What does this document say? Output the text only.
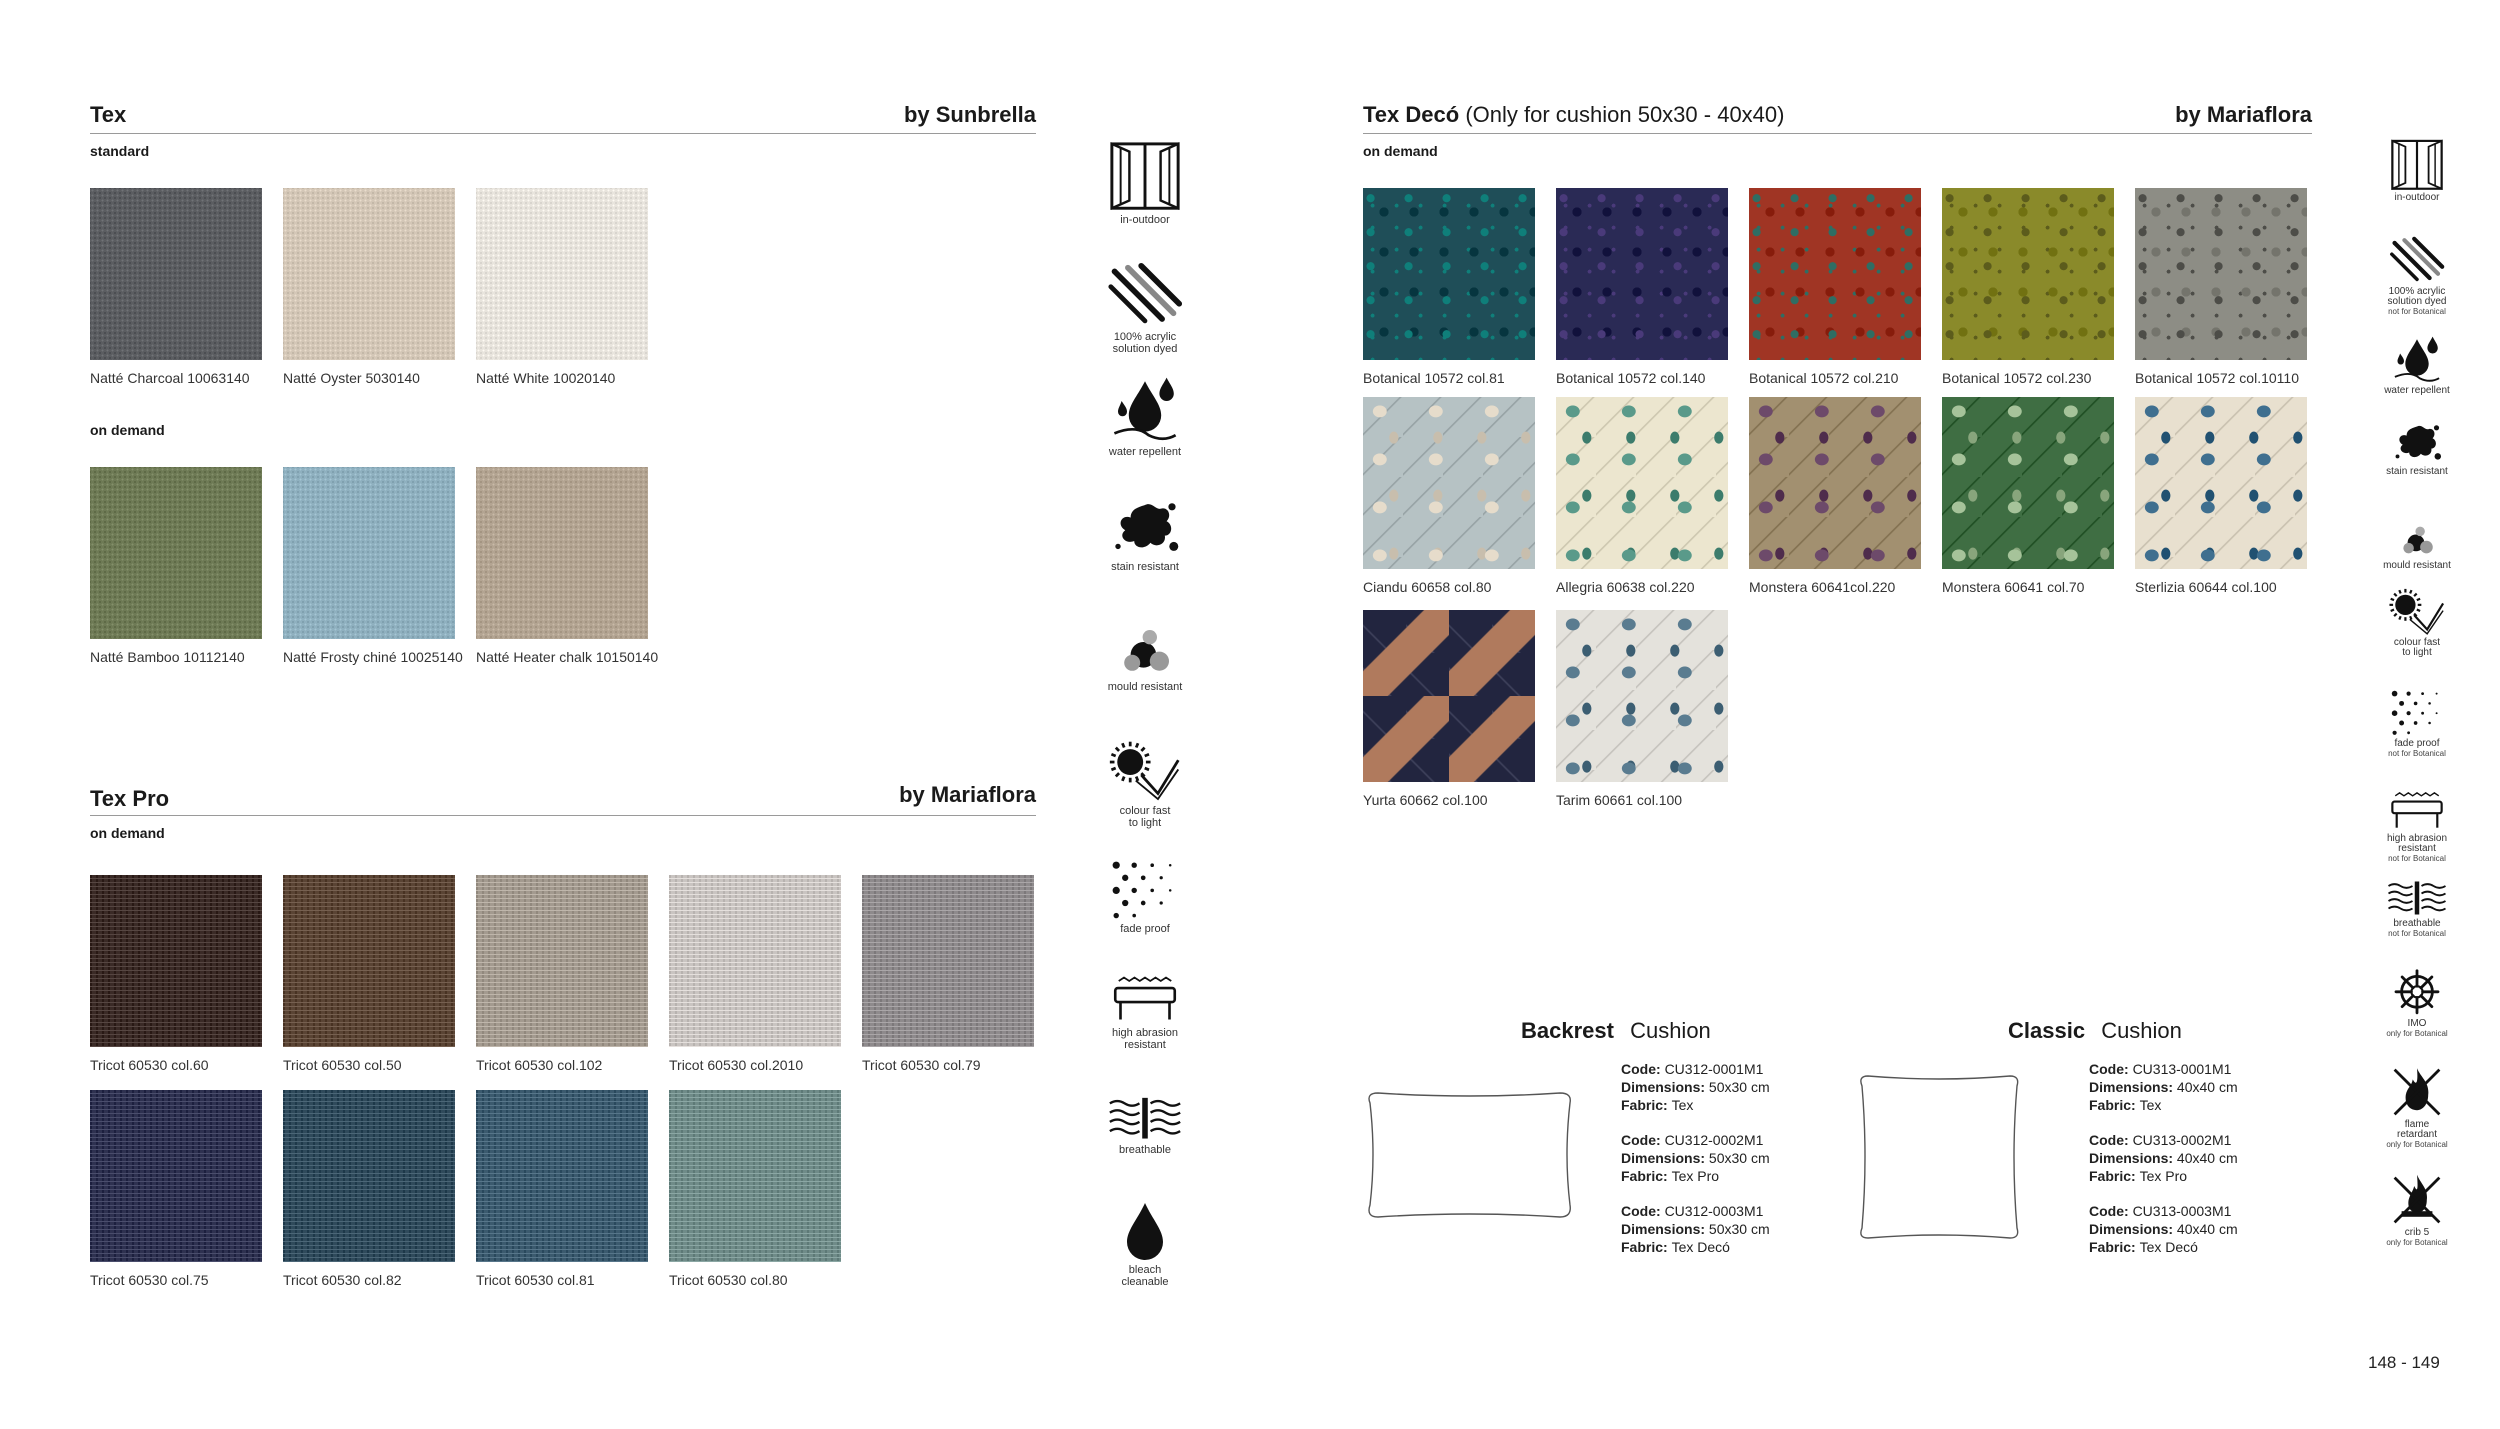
Tex	by Sunbrella
standard
Natté Charcoal 10063140 Natté Oyster 5030140	Natté White 10020140
on demand
Natté Bamboo 10112140	Natté Frosty chiné 10025140 Natté Heater chalk 10150140
Tex Pro	by Mariaflora
on demand
Tricot 60530 col.60	Tricot 60530 col.50	Tricot 60530 col.102	Tricot 60530 col.2010	Tricot 60530 col.79
Tricot 60530 col.75	Tricot 60530 col.82	Tricot 60530 col.81	Tricot 60530 col.80
in-outdoor
100% acrylic
solution dyed
water repellent
stain resistant
mould resistant
colour fast
to light
fade proof
high abrasion
resistant
breathable
bleach
cleanable
Tex Decó (Only for cushion 50x30 - 40x40)	by Mariaflora
on demand
Botanical 10572 col.81	Botanical 10572 col.140	Botanical 10572 col.210	Botanical 10572 col.230	Botanical 10572 col.10110
Ciandu 60658 col.80	Allegria 60638 col.220	Monstera 60641col.220	Monstera 60641 col.70	Sterlizia 60644 col.100
Yurta 60662 col.100	Tarim 60661 col.100
Backrest Cushion	Classic Cushion
Code: CU312-0001M1
Dimensions: 50x30 cm
Fabric: Tex
Code: CU312-0002M1
Dimensions: 50x30 cm
Fabric: Tex Pro
Code: CU312-0003M1
Dimensions: 50x30 cm
Fabric: Tex Decó
Code: CU313-0001M1
Dimensions: 40x40 cm
Fabric: Tex
Code: CU313-0002M1
Dimensions: 40x40 cm
Fabric: Tex Pro
Code: CU313-0003M1
Dimensions: 40x40 cm
Fabric: Tex Decó
in-outdoor
100% acrylic
solution dyed
not for Botanical
water repellent
stain resistant
mould resistant
colour fast
to light
fade proof
not for Botanical
high abrasion
resistant
not for Botanical
breathable
not for Botanical
IMO
only for Botanical
flame
retardant
only for Botanical
crib 5
only for Botanical
148 - 149
